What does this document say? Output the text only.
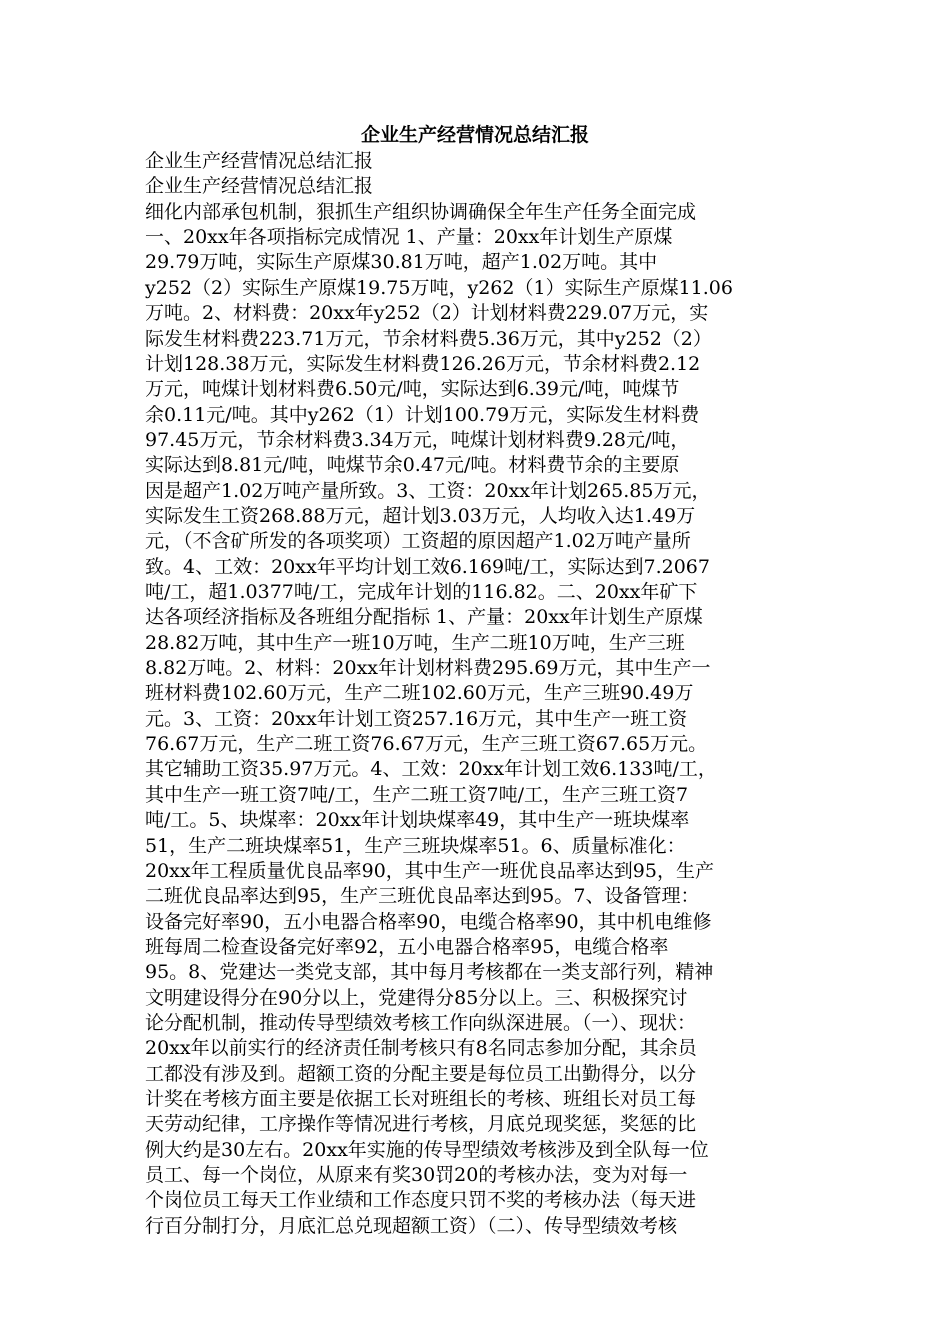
企业生产经营情况总结汇报
企业生产经营情况总结汇报
企业生产经营情况总结汇报
细化内部承包机制，狠抓生产组织协调确保全年生产任务全面完成
一、20xx年各项指标完成情况 1、产量：20xx年计划生产原煤
29.79万吨，实际生产原煤30.81万吨，超产1.02万吨。其中
y252（2）实际生产原煤19.75万吨，y262（1）实际生产原煤11.06
万吨。2、材料费：20xx年y252（2）计划材料费229.07万元，实
际发生材料费223.71万元，节余材料费5.36万元，其中y252（2）
计划128.38万元，实际发生材料费126.26万元，节余材料费2.12
万元，吨煤计划材料费6.50元/吨，实际达到6.39元/吨，吨煤节
余0.11元/吨。其中y262（1）计划100.79万元，实际发生材料费
97.45万元，节余材料费3.34万元，吨煤计划材料费9.28元/吨，
实际达到8.81元/吨，吨煤节余0.47元/吨。材料费节余的主要原
因是超产1.02万吨产量所致。3、工资：20xx年计划265.85万元，
实际发生工资268.88万元，超计划3.03万元，人均收入达1.49万
元，（不含矿所发的各项奖项）工资超的原因超产1.02万吨产量所
致。4、工效：20xx年平均计划工效6.169吨/工，实际达到7.2067
吨/工，超1.0377吨/工，完成年计划的116.82。二、20xx年矿下
达各项经济指标及各班组分配指标 1、产量：20xx年计划生产原煤
28.82万吨，其中生产一班10万吨，生产二班10万吨，生产三班
8.82万吨。2、材料：20xx年计划材料费295.69万元，其中生产一
班材料费102.60万元，生产二班102.60万元，生产三班90.49万
元。3、工资：20xx年计划工资257.16万元，其中生产一班工资
76.67万元，生产二班工资76.67万元，生产三班工资67.65万元。
其它辅助工资35.97万元。4、工效：20xx年计划工效6.133吨/工，
其中生产一班工资7吨/工，生产二班工资7吨/工，生产三班工资7
吨/工。5、块煤率：20xx年计划块煤率49，其中生产一班块煤率
51，生产二班块煤率51，生产三班块煤率51。6、质量标准化：
20xx年工程质量优良品率90，其中生产一班优良品率达到95，生产
二班优良品率达到95，生产三班优良品率达到95。7、设备管理：
设备完好率90，五小电器合格率90，电缆合格率90，其中机电维修
班每周二检查设备完好率92，五小电器合格率95，电缆合格率
95。8、党建达一类党支部，其中每月考核都在一类支部行列，精神
文明建设得分在90分以上，党建得分85分以上。三、积极探究讨
论分配机制，推动传导型绩效考核工作向纵深进展。（一）、现状：
20xx年以前实行的经济责任制考核只有8名同志参加分配，其余员
工都没有涉及到。超额工资的分配主要是每位员工出勤得分，以分
计奖在考核方面主要是依据工长对班组长的考核、班组长对员工每
天劳动纪律，工序操作等情况进行考核，月底兑现奖惩，奖惩的比
例大约是30左右。20xx年实施的传导型绩效考核涉及到全队每一位
员工、每一个岗位，从原来有奖30罚20的考核办法，变为对每一
个岗位员工每天工作业绩和工作态度只罚不奖的考核办法（每天进
行百分制打分，月底汇总兑现超额工资）（二）、传导型绩效考核
